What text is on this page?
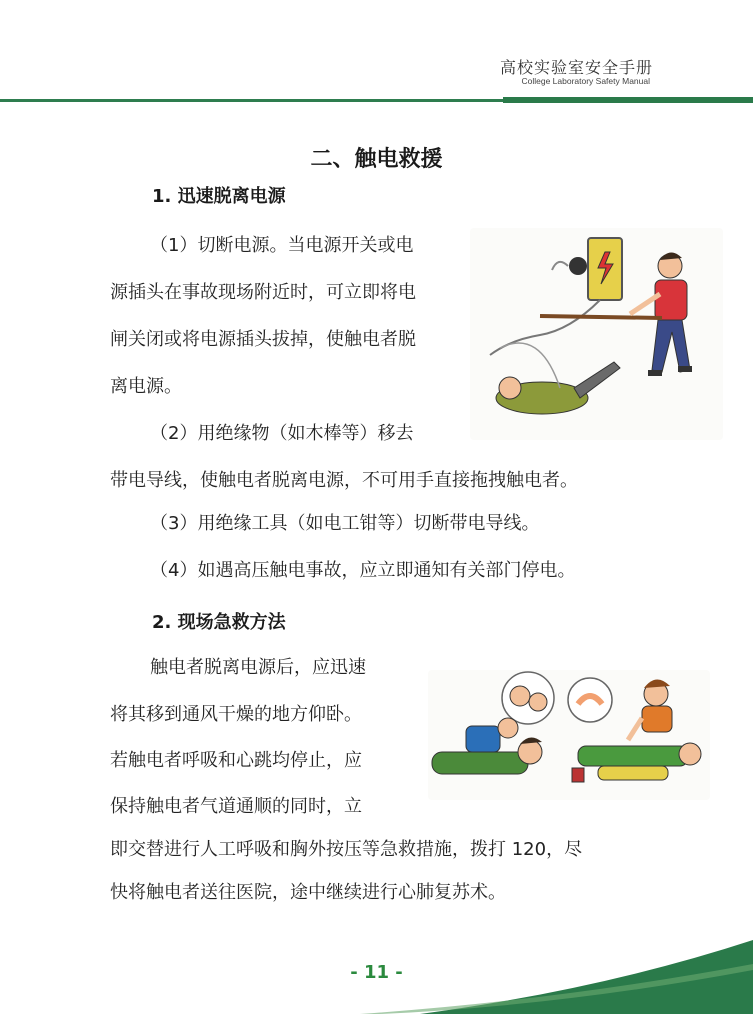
高校实验室安全手册
College Laboratory Safety Manual
二、触电救援
1. 迅速脱离电源

（1）切断电源。当电源开关或电

源插头在事故现场附近时，可立即将电

闸关闭或将电源插头拔掉，使触电者脱

离电源。

（2）用绝缘物（如木棒等）移去

带电导线，使触电者脱离电源，不可用手直接拖拽触电者。

（3）用绝缘工具（如电工钳等）切断带电导线。

（4）如遇高压触电事故，应立即通知有关部门停电。

2. 现场急救方法

触电者脱离电源后，应迅速

将其移到通风干燥的地方仰卧。

若触电者呼吸和心跳均停止，应

保持触电者气道通顺的同时，立

即交替进行人工呼吸和胸外按压等急救措施，拨打 120，尽

快将触电者送往医院，途中继续进行心肺复苏术。

- 11 -
